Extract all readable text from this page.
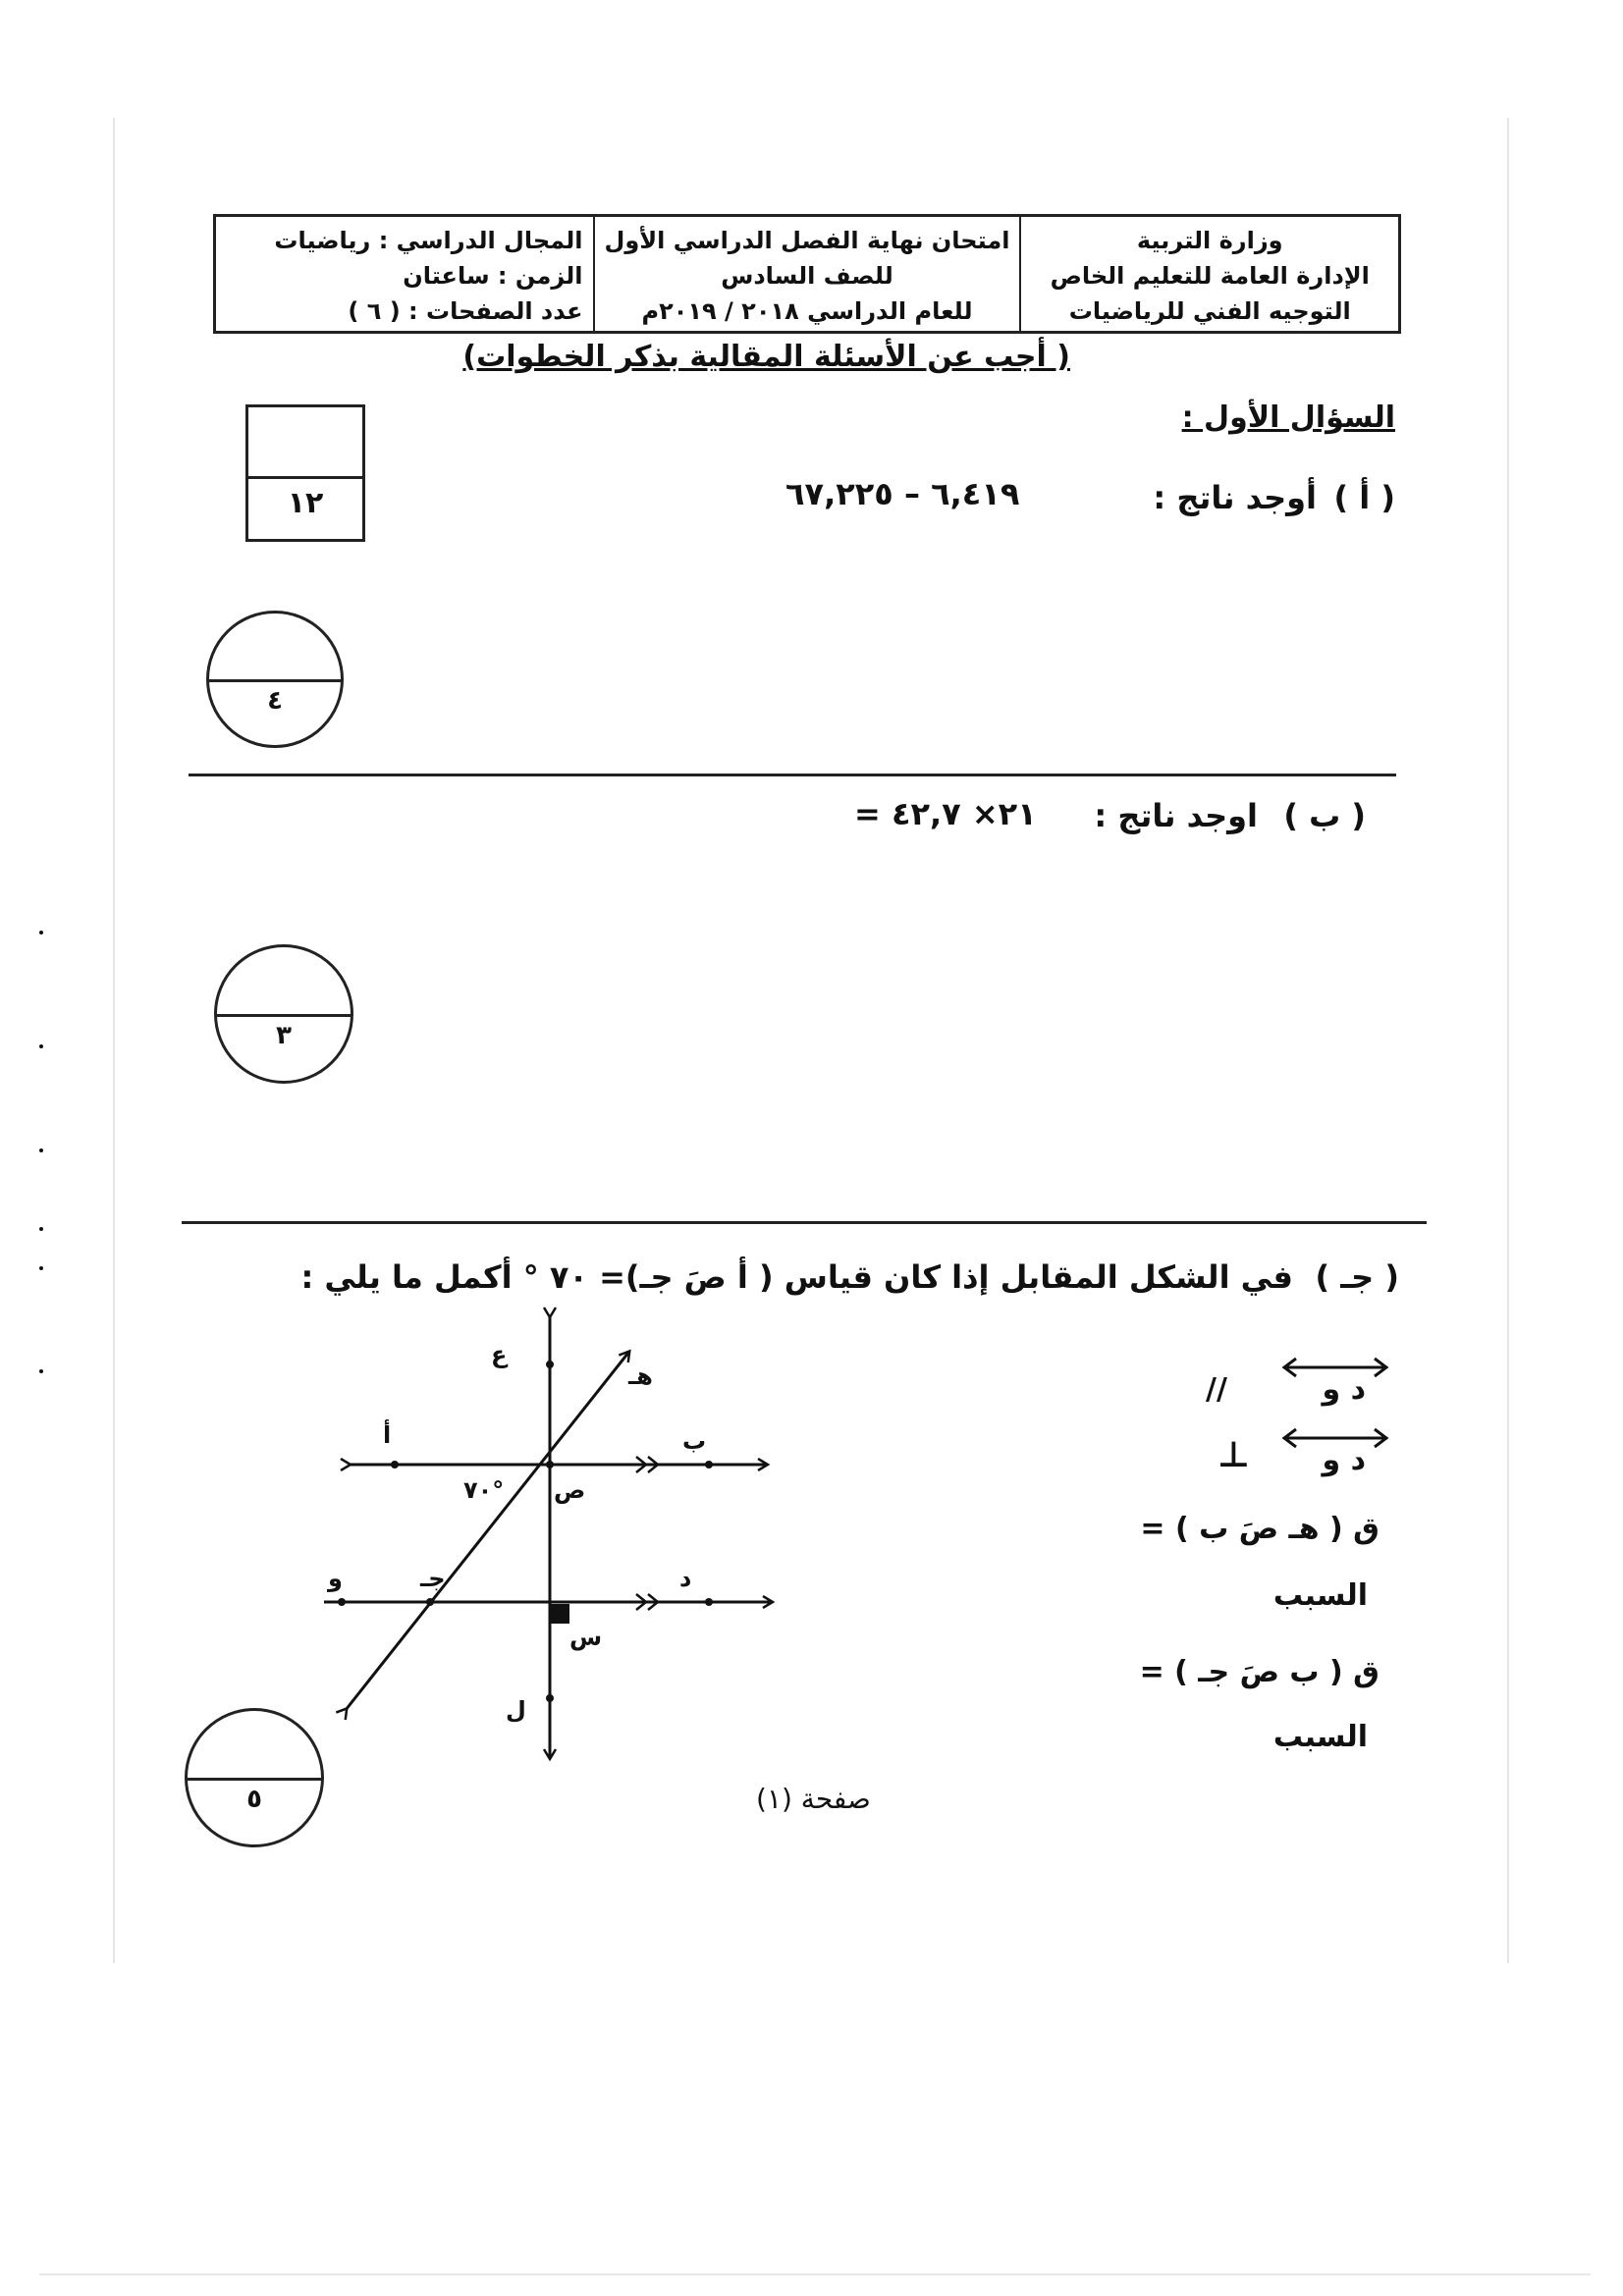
وزارة التربية
الإدارة العامة للتعليم الخاص
التوجيه الفني للرياضيات
امتحان نهاية الفصل الدراسي الأول
للصف السادس
للعام الدراسي ٢٠١٨ / ٢٠١٩م
المجال الدراسي : رياضيات
الزمن : ساعتان
عدد الصفحات : ( ٦ )
( أجب عن الأسئلة المقالية بذكر الخطوات)
السؤال الأول :
١٢	( أ )
أوجد ناتج :
٦,٤١٩ – ٦٧,٢٢٥
٤
( ب )
اوجد ناتج :
= ٢١× ٤٢,٧
٣
( جـ )
في الشكل المقابل إذا كان قياس ( أ صَ جـ)= ٧٠ ° أكمل ما يلي :
د و
//
د و
⊥
ق ( هـ صَ ب ) =
السبب
ق ( ب صَ جـ ) =
السبب
ع
هـ
أ	ب
٧٠° ص
و	جـ	د
س
ل
٥	صفحة (١)
